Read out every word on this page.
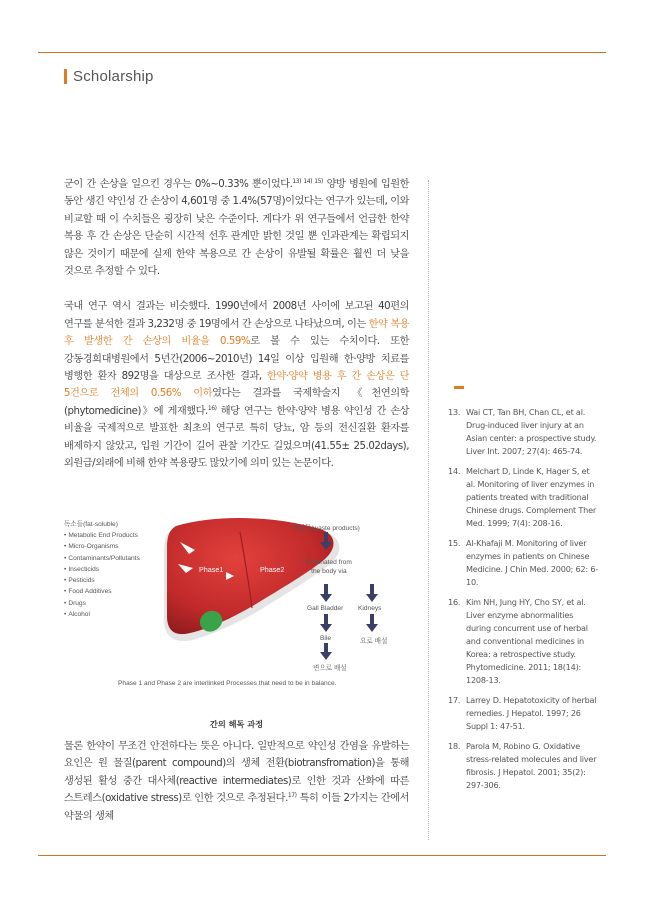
Scholarship

군이 간 손상을 일으킨 경우는 0%~0.33% 뿐이었다.$^{13) 14) 15)}$ 양방 병원에 입원한 동안 생긴 약인성 간 손상이 4,601명 중 1.4%(57명)이었다는 연구가 있는데, 이와 비교할 때 이 수치들은 굉장히 낮은 수준이다. 게다가 위 연구들에서 언급한 한약 복용 후 간 손상은 단순히 시간적 선후 관계만 밝힌 것일 뿐 인과관계는 확립되지 않은 것이기 때문에 실제 한약 복용으로 간 손상이 유발될 확률은 훨씬 더 낮을 것으로 추정할 수 있다.

국내 연구 역시 결과는 비슷했다. 1990년에서 2008년 사이에 보고된 40편의 연구를 분석한 결과 3,232명 중 19명에서 간 손상으로 나타났으며, 이는 한약 복용 후 발생한 간 손상의 비율을 0.59%로 볼 수 있는 수치이다. 또한 강동경희대병원에서 5년간(2006~2010년) 14일 이상 입원해 한·양방 치료를 병행한 환자 892명을 대상으로 조사한 결과, 한약·양약 병용 후 간 손상은 단 5건으로 전체의 0.56% 이하였다는 결과를 국제학술지 《천연의학(phytomedicine)》에 게재했다.$^{16)}$ 해당 연구는 한약·양약 병용 약인성 간 손상 비율을 국제적으로 발표한 최초의 연구로 특히 당뇨, 암 등의 전신질환 환자를 배제하지 않았고, 입원 기간이 길어 관찰 기간도 길었으며(41.55± 25.02days), 외원급/외래에 비해 한약 복용량도 많았기에 의미 있는 논문이다.

독소들(fat-soluble)
• Metabolic End Products
• Micro-Organisms
• Contaminants/Pollutants
• Insecticids
• Pesticids
• Food Additives
• Drugs
• Alcohol
Phase1	Phase2
배설물(waste products)
Eliminated from
the body via
Gall Bladder Kidneys
Bile	요로 배설
변으로 배설
Phase 1 and Phase 2 are interlinked Processes that need to be in balance.
간의 해독 과정

물론 한약이 무조건 안전하다는 뜻은 아니다. 일반적으로 약인성 간염을 유발하는 요인은 원 물질(parent compound)의 생체 전환(biotransfromation)을 통해 생성된 활성 중간 대사체(reactive intermediates)로 인한 것과 산화에 따른 스트레스(oxidative stress)로 인한 것으로 추정된다.$^{17)}$ 특히 이들 2가지는 간에서 약물의 생체

13. Wai CT, Tan BH, Chan CL, et al. Drug-induced liver injury at an Asian center: a prospective study. Liver Int. 2007; 27(4): 465-74.
14. Melchart D, Linde K, Hager S, et al. Monitoring of liver enzymes in patients treated with traditional Chinese drugs. Complement Ther Med. 1999; 7(4): 208-16.
15. Al-Khafaji M. Monitoring of liver enzymes in patients on Chinese Medicine. J Chin Med. 2000; 62: 6-10.
16. Kim NH, Jung HY, Cho SY, et al. Liver enzyme abnormalities during concurrent use of herbal and conventional medicines in Korea: a retrospective study. Phytomedicine. 2011; 18(14): 1208-13.
17. Larrey D. Hepatotoxicity of herbal remedies. J Hepatol. 1997; 26 Suppl 1: 47-51.
18. Parola M, Robino G. Oxidative stress-related molecules and liver fibrosis. J Hepatol. 2001; 35(2): 297-306.
